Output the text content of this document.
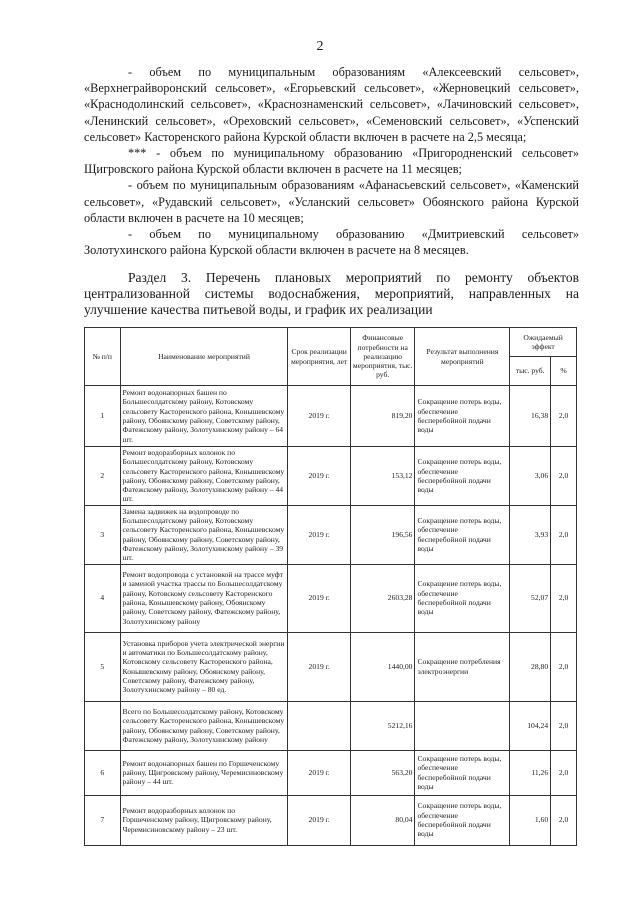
2

- объем по муниципальным образованиям «Алексеевский сельсовет», «Верхнеграйворонский сельсовет», «Егорьевский сельсовет», «Жерновецкий сельсовет», «Краснодолинский сельсовет», «Краснознаменский сельсовет», «Лачиновский сельсовет», «Ленинский сельсовет», «Ореховский сельсовет», «Семеновский сельсовет», «Успенский сельсовет» Касторенского района Курской области включен в расчете на 2,5 месяца;

*** - объем по муниципальному образованию «Пригородненский сельсовет» Щигровского района Курской области включен в расчете на 11 месяцев;

- объем по муниципальным образованиям «Афанасьевский сельсовет», «Каменский сельсовет», «Рудавский сельсовет», «Усланский сельсовет» Обоянского района Курской области включен в расчете на 10 месяцев;

- объем по муниципальному образованию «Дмитриевский сельсовет» Золотухинского района Курской области включен в расчете на 8 месяцев.

Раздел 3. Перечень плановых мероприятий по ремонту объектов централизованной системы водоснабжения, мероприятий, направленных на улучшение качества питьевой воды, и график их реализации
№ п/п	Наименование мероприятий	Срок реализации мероприятия, лет	Финансовые потребности на реализацию мероприятия, тыс. руб.	Результат выполнения мероприятий	Ожидаемый эффект	
					тыс. руб.	%
1	Ремонт водонапорных башен по Большесолдатскому району, Котовскому сельсовету Касторенского района, Конышевскому району, Обоянскому району, Советскому району, Фатежскому району, Золотухинскому району – 64 шт.	2019 г.	819,20	Сокращение потерь воды, обеспечение бесперебойной подачи воды	16,38	2,0
2	Ремонт водоразборных колонок по Большесолдатскому району, Котовскому сельсовету Касторенского района, Конышевскому району, Обоянскому району, Советскому району, Фатежскому району, Золотухинскому району – 44 шт.	2019 г.	153,12	Сокращение потерь воды, обеспечение бесперебойной подачи воды	3,06	2,0
3	Замена задвижек на водопроводе по Большесолдатскому району, Котовскому сельсовету Касторенского района, Конышевскому району, Обоянскому району, Советскому району, Фатежскому району, Золотухинскому району – 39 шт.	2019 г.	196,56	Сокращение потерь воды, обеспечение бесперебойной подачи воды	3,93	2,0
4	Ремонт водопровода с установкой на трассе муфт и заменой участка трассы по Большесолдатскому району, Котовскому сельсовету Касторенского района, Конышевскому району, Обоянскому району, Советскому району, Фатежскому району, Золотухинскому району	2019 г.	2603,28	Сокращение потерь воды, обеспечение бесперебойной подачи воды	52,07	2,0
5	Установка приборов учета электрической энергии и автоматики по Большесолдатскому району, Котовскому сельсовету Касторенского района, Конышевскому району, Обоянскому району, Советскому району, Фатежскому району, Золотухинскому району – 80 ед.	2019 г.	1440,00	Сокращение потребления электроэнергии	28,80	2,0
	Всего по Большесолдатскому району, Котовскому сельсовету Касторенского района, Конышевскому району, Обоянскому району, Советскому району, Фатежскому району, Золотухинскому району		5212,16		104,24	2,0
6	Ремонт водонапорных башен по Горшеченскому району, Щигровскому району, Черемисиновскому району – 44 шт.	2019 г.	563,20	Сокращение потерь воды, обеспечение бесперебойной подачи воды	11,26	2,0
7	Ремонт водоразборных колонок по Горшеченскому району, Щигровскому району, Черемисиновскому району – 23 шт.	2019 г.	80,04	Сокращение потерь воды, обеспечение бесперебойной подачи воды	1,60	2,0
